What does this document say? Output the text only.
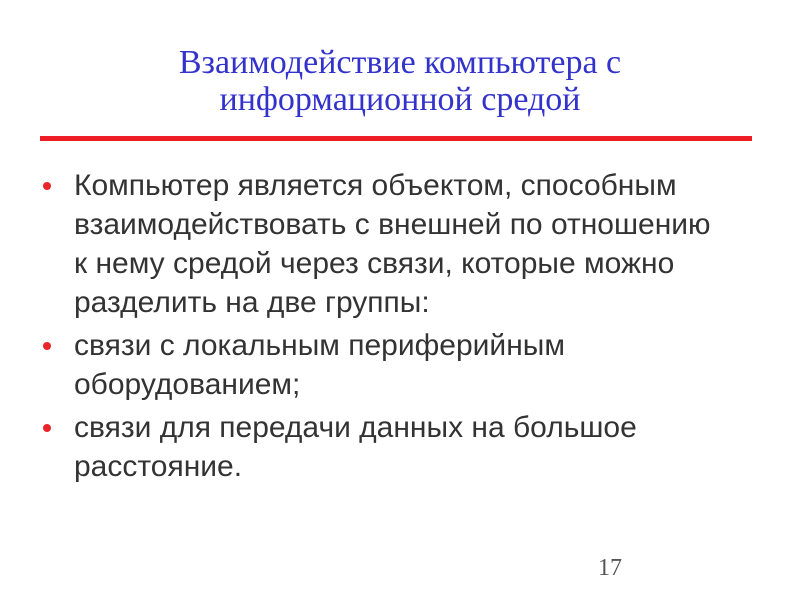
Взаимодействие компьютера с
информационной средой
Компьютер является объектом, способным
взаимодействовать с внешней по отношению
к нему средой через связи, которые можно
разделить на две группы:
связи с локальным периферийным
оборудованием;
связи для передачи данных на большое
расстояние.
17
